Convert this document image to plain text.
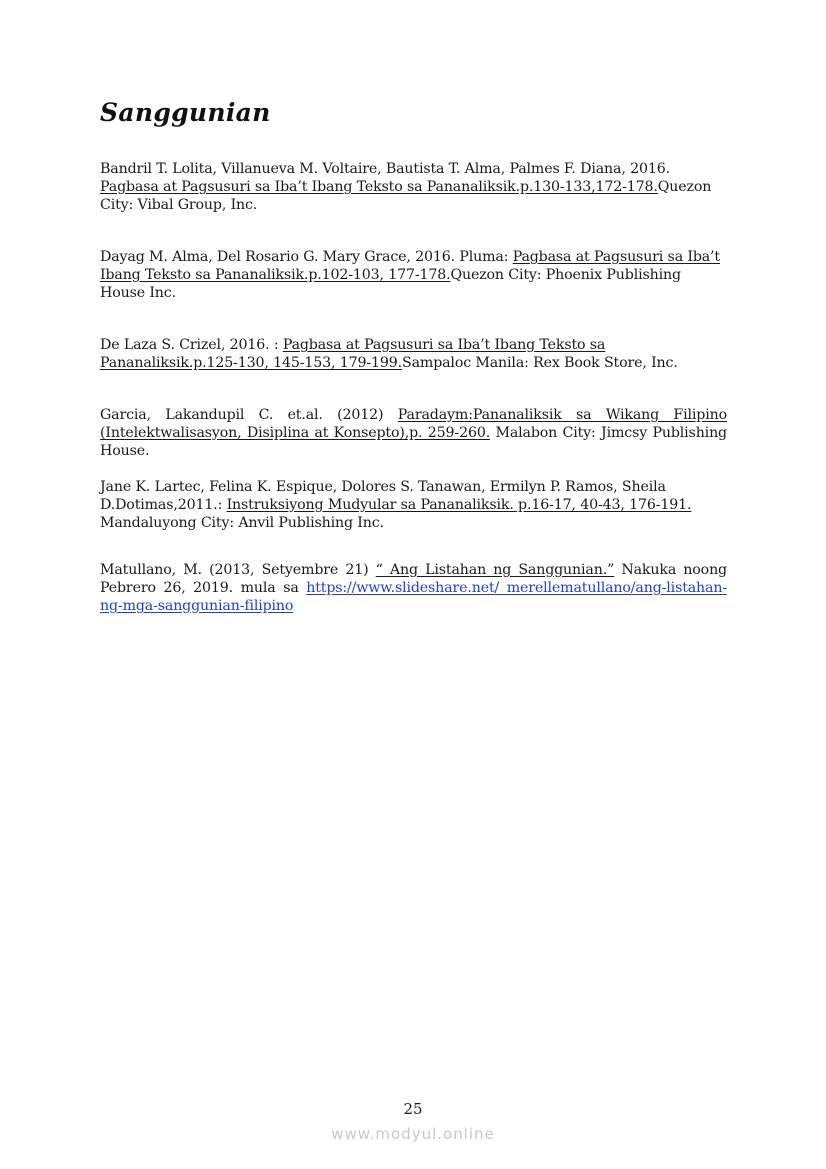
Sanggunian

Bandril T. Lolita, Villanueva M. Voltaire, Bautista T. Alma, Palmes F. Diana, 2016. Pagbasa at Pagsusuri sa Iba’t Ibang Teksto sa Pananaliksik.p.130-133,172-178.Quezon City: Vibal Group, Inc.

Dayag M. Alma, Del Rosario G. Mary Grace, 2016. Pluma: Pagbasa at Pagsusuri sa Iba’t Ibang Teksto sa Pananaliksik.p.102-103, 177-178.Quezon City: Phoenix Publishing House Inc.

De Laza S. Crizel, 2016. : Pagbasa at Pagsusuri sa Iba’t Ibang Teksto sa Pananaliksik.p.125-130, 145-153, 179-199.Sampaloc Manila: Rex Book Store, Inc.

Garcia, Lakandupil C. et.al. (2012) Paradaym:Pananaliksik sa Wikang Filipino (Intelektwalisasyon, Disiplina at Konsepto),p. 259-260. Malabon City: Jimcsy Publishing House.

Jane K. Lartec, Felina K. Espique, Dolores S. Tanawan, Ermilyn P. Ramos, Sheila D.Dotimas,2011.: Instruksiyong Mudyular sa Pananaliksik. p.16-17, 40-43, 176-191. Mandaluyong City: Anvil Publishing Inc.

Matullano, M. (2013, Setyembre 21) “ Ang Listahan ng Sanggunian.” Nakuka noong Pebrero 26, 2019. mula sa https://www.slideshare.net/ merellematullano/ang-listahan-ng-mga-sanggunian-filipino

25
www.modyul.online
